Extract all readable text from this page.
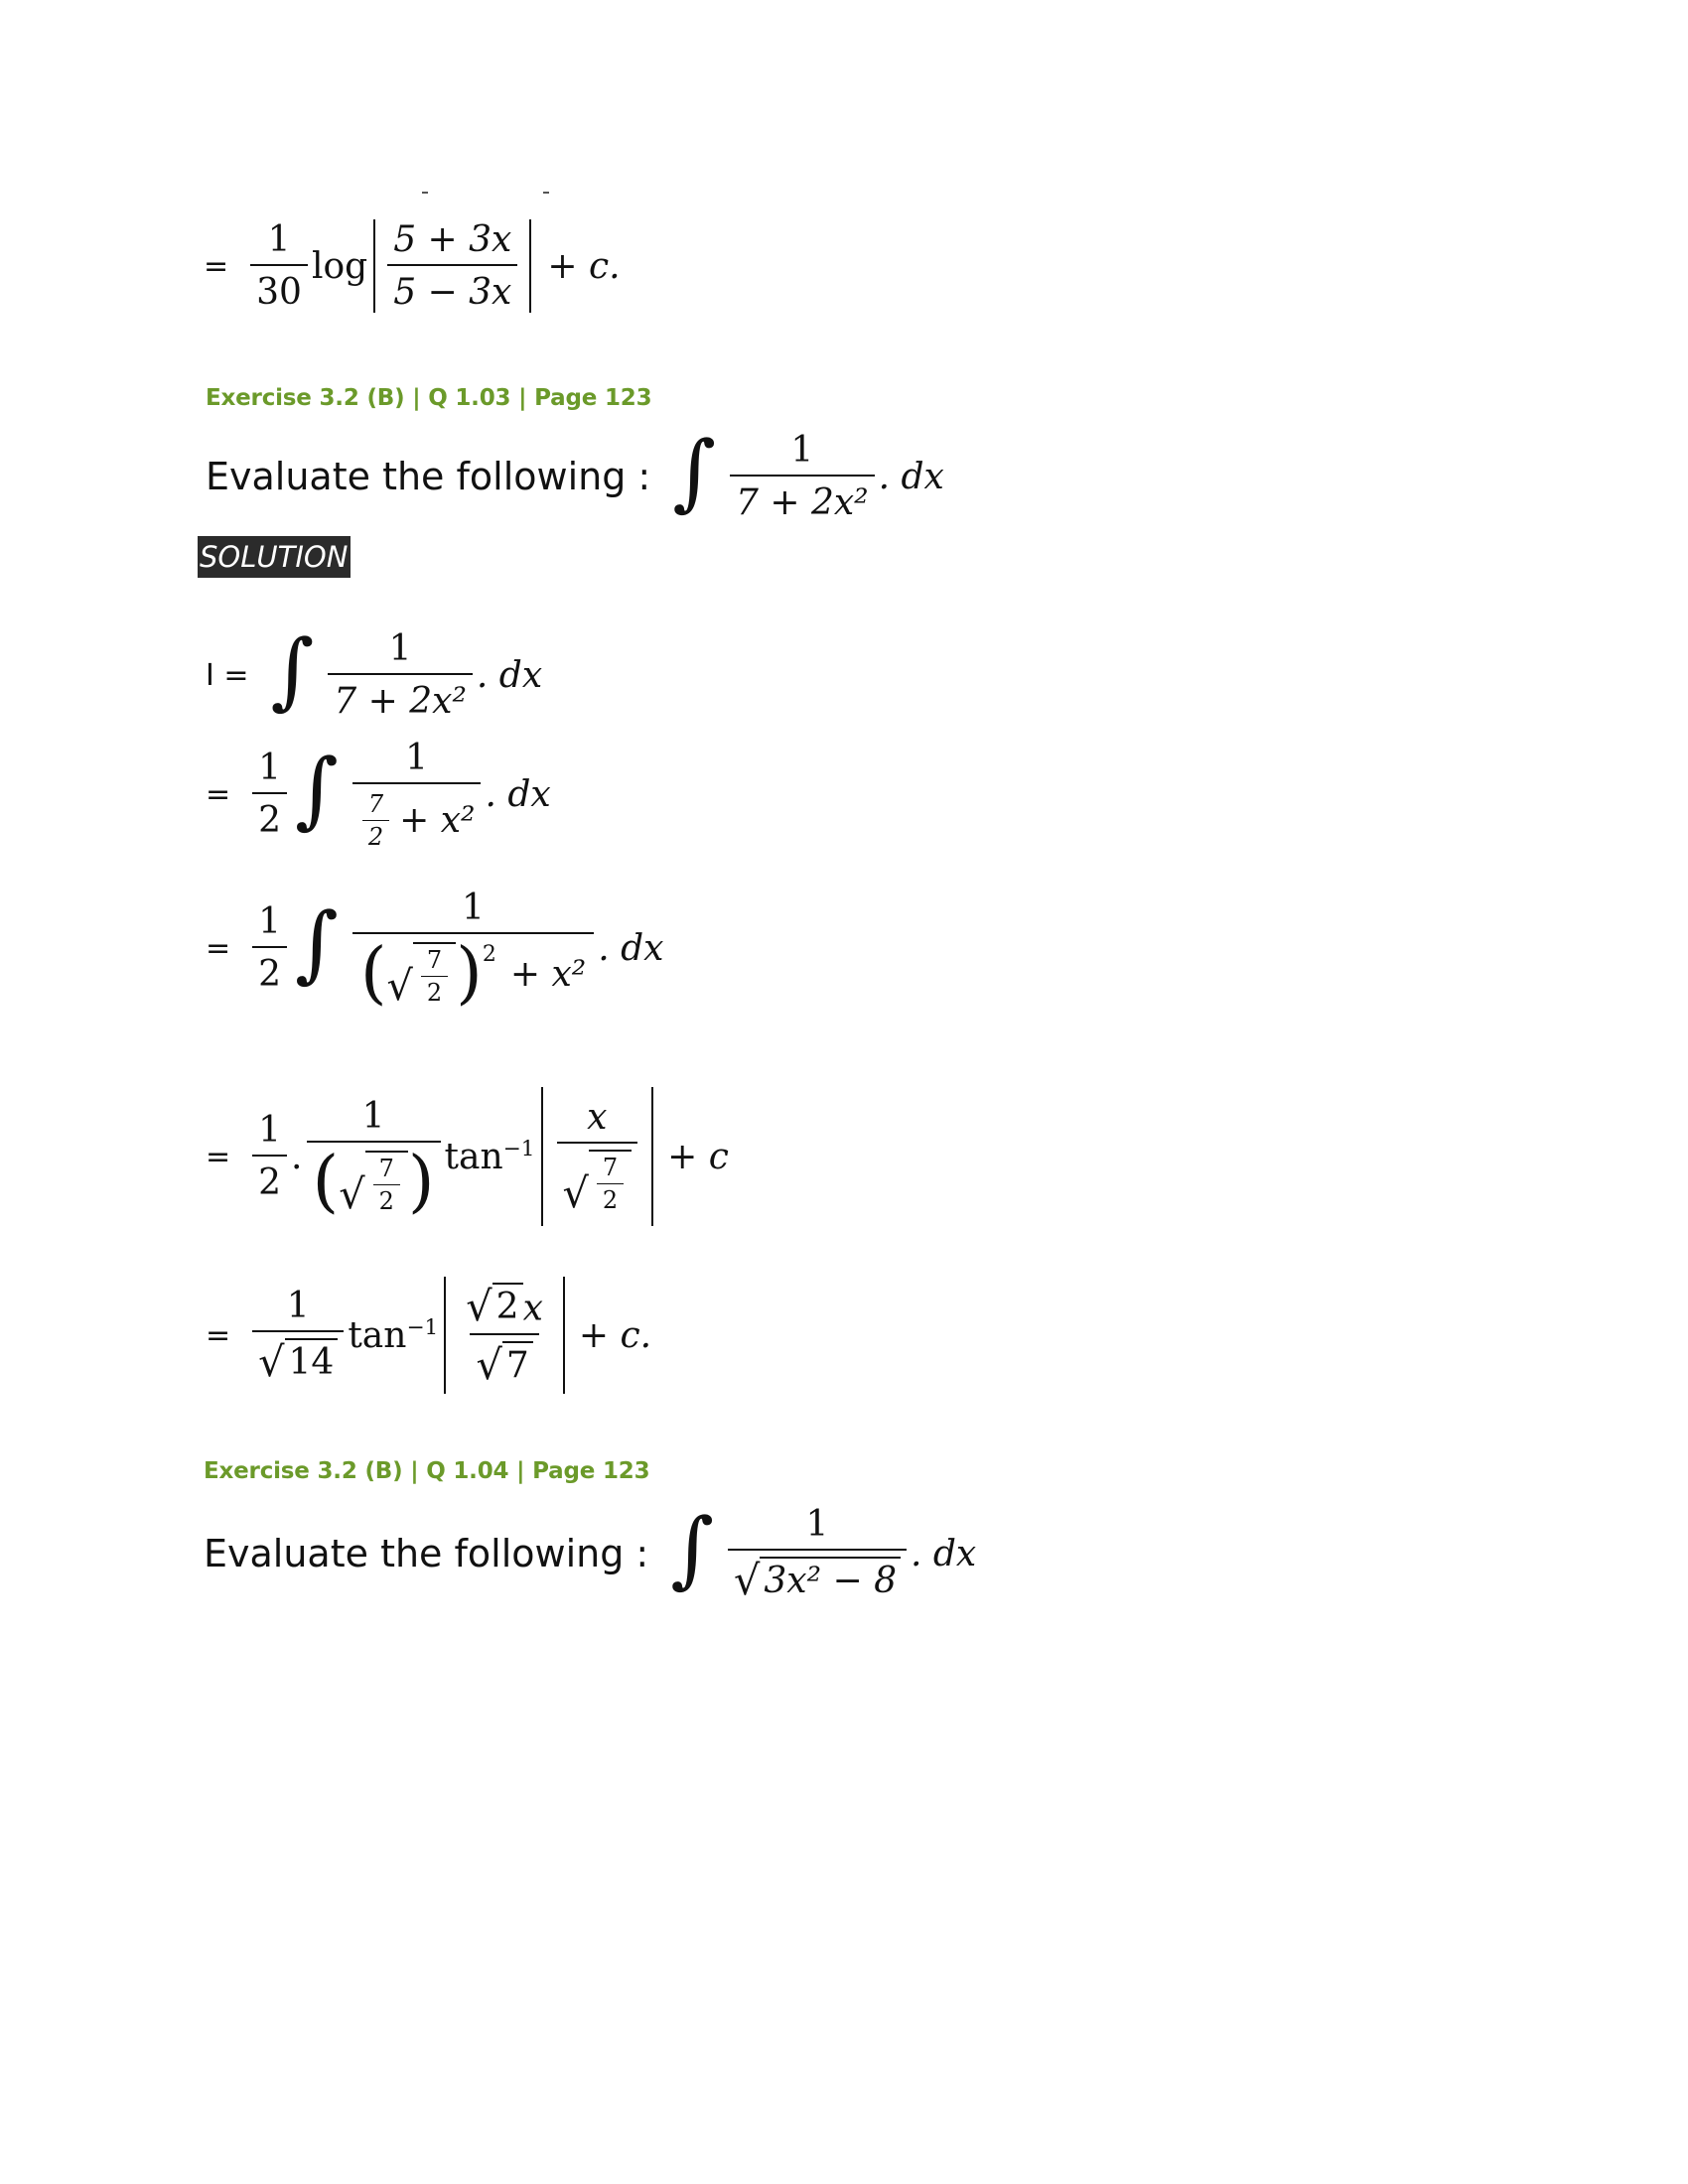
= $\frac{1}{30}$ $\log \frac{5 + 3x}{5 - 3x} + c$.
Exercise 3.2 (B) | Q 1.03 | Page 123
Evaluate the following : ∫ $\frac{1}{\text{7 + 2x²}}$ . dx
SOLUTION
I = ∫ $\frac{1}{\text{7 + 2x²}}$ . dx
= $\frac{1}{2}$ ∫ $\frac{1}{\frac{7}{2} + x^2}$ . dx
= $\frac{1}{2}$ ∫	1
( √ $\frac{7}{2}$ ) 2 + x²
. dx
= $\frac{1}{2}$ .
1
( √ $\frac{7}{2}$ ) $\tan^{-1} \frac{x}{√ \frac{7}{2}} + c$
= $\frac{1}{√ 14} \tan^{-1} \frac{√ 2 x}{√ 7} + c$.
Exercise 3.2 (B) | Q 1.04 | Page 123
Evaluate the following : ∫ $\frac{1}{\text{√ 3x² − 8}}$ . dx
